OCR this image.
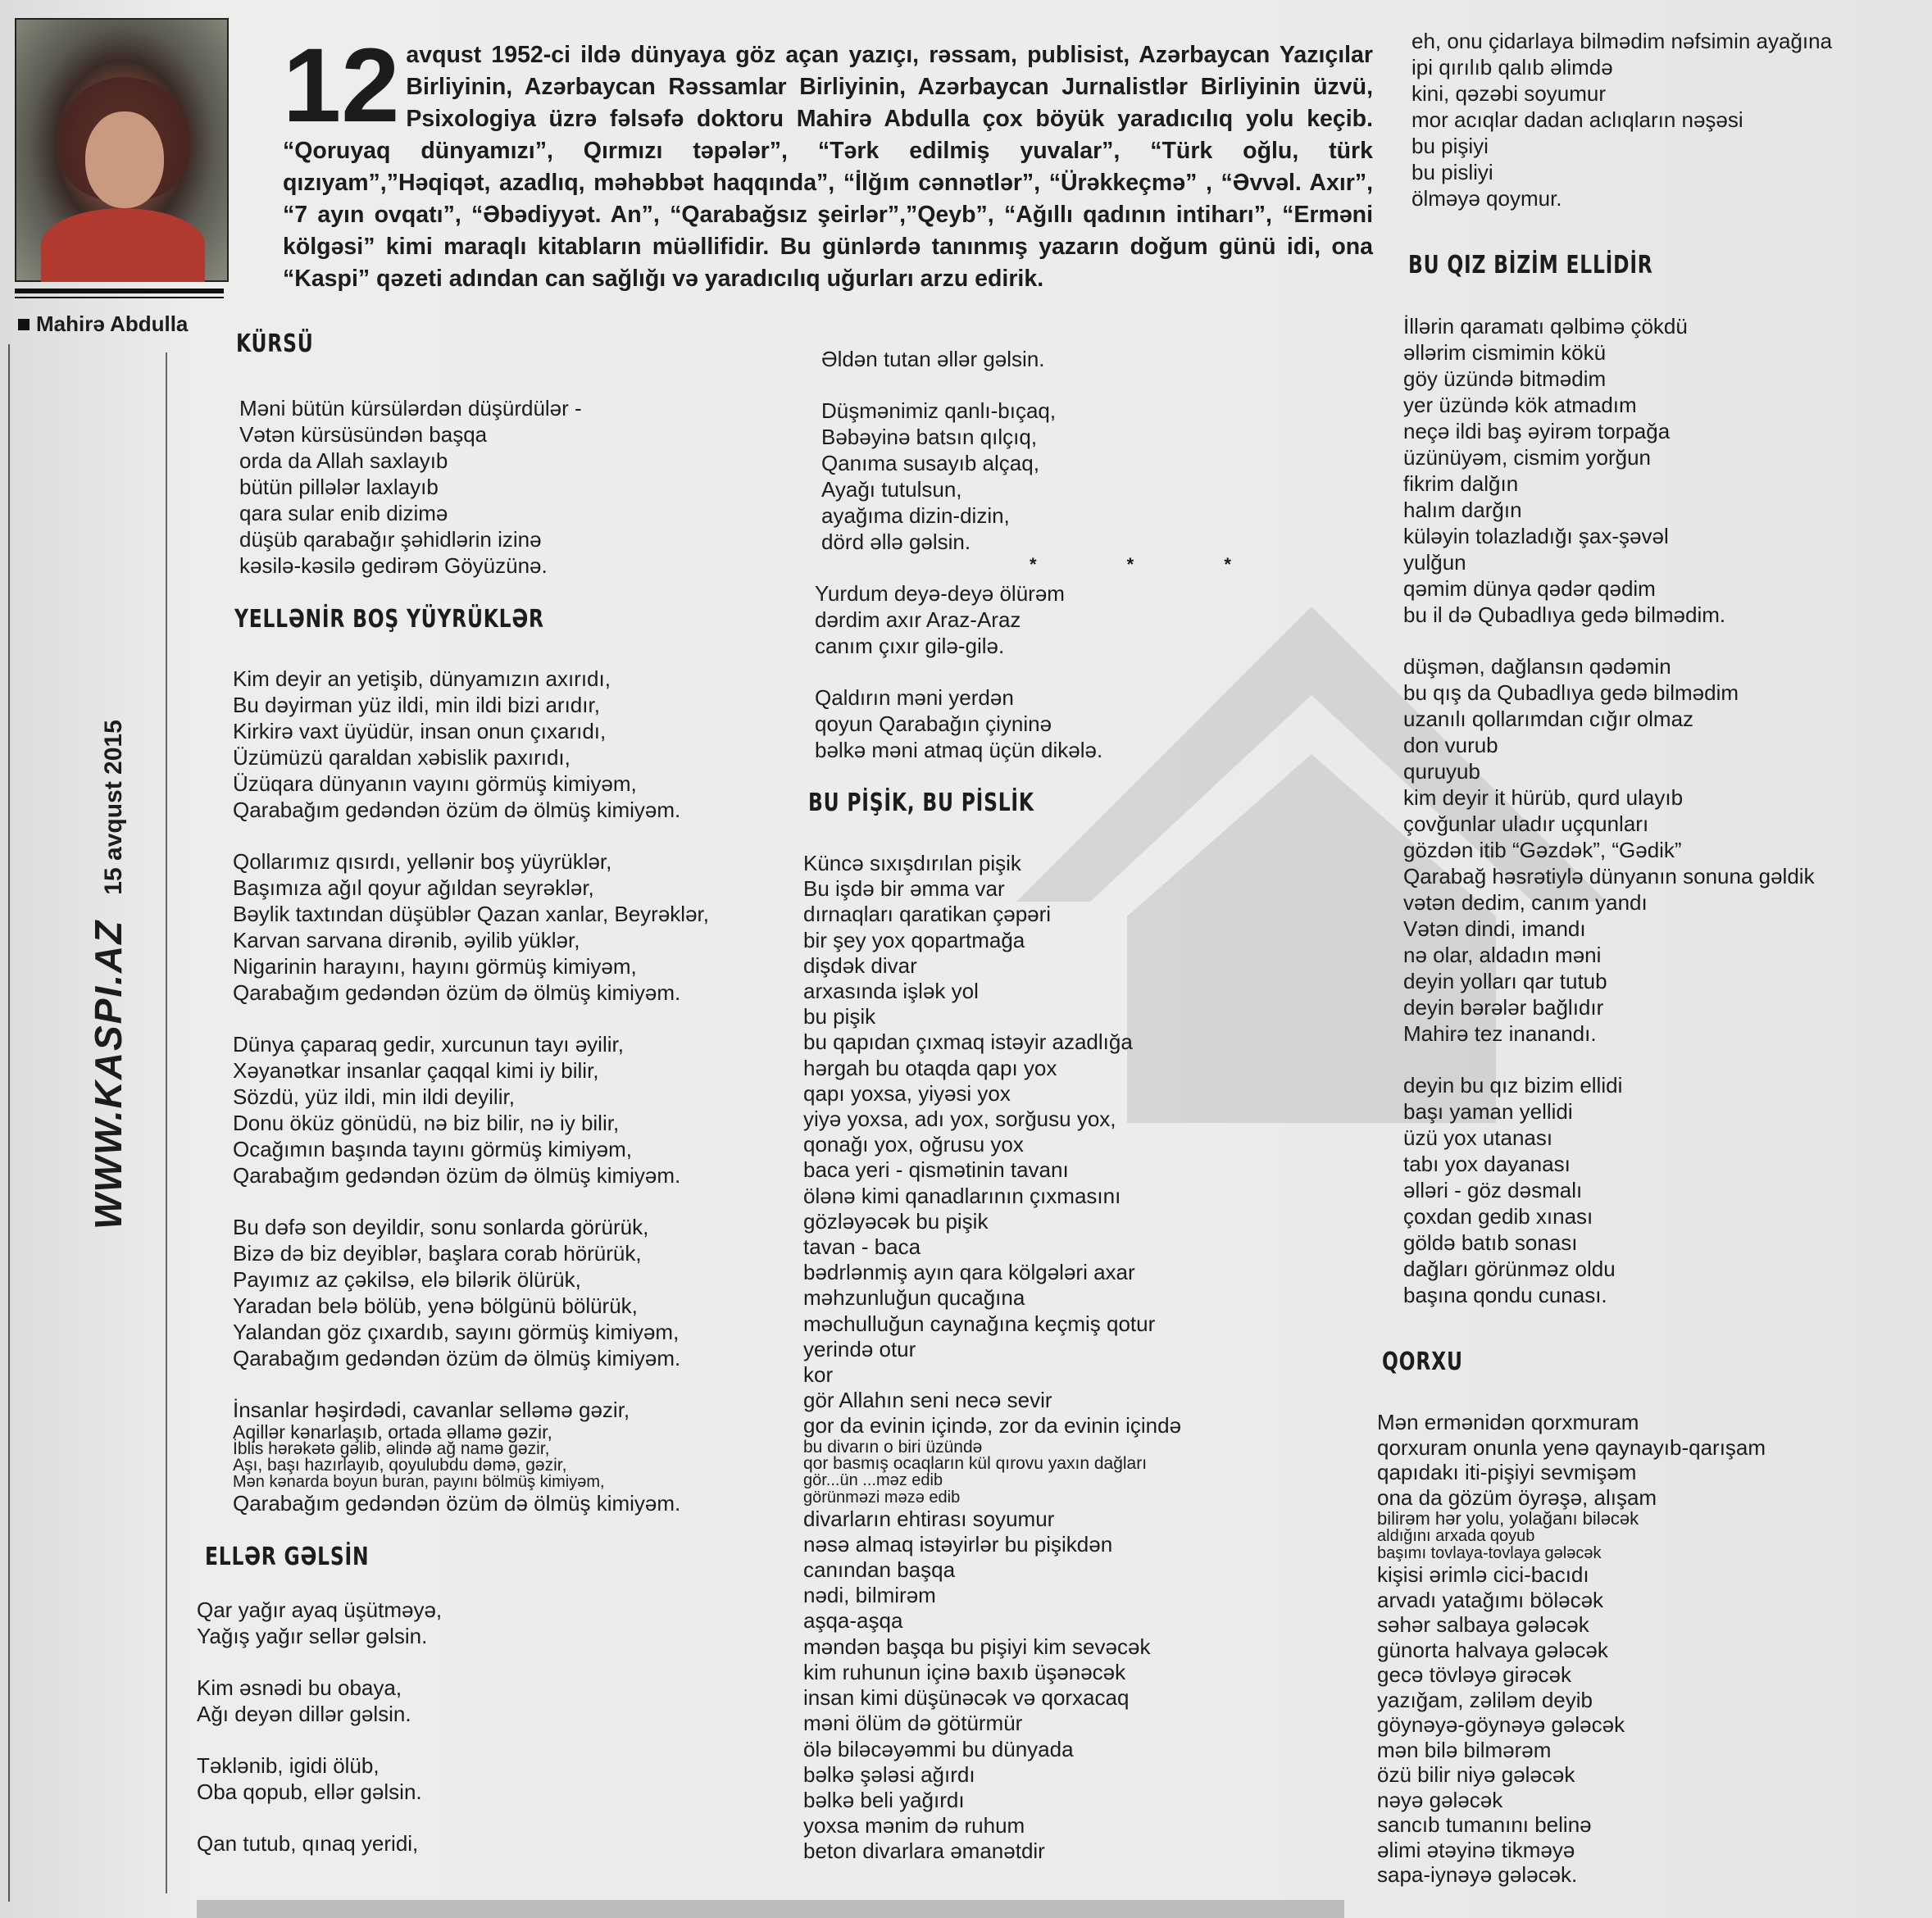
Mahirə Abdulla
WWW.KASPI.AZ
15 avqust 2015
12 avqust 1952-ci ildə dünyaya göz açan yazıçı, rəssam, publisist, Azərbaycan Yazıçılar Birliyinin, Azərbaycan Rəssamlar Birliyinin, Azərbaycan Jurnalistlər Birliyinin üzvü, Psixologiya üzrə fəlsəfə doktoru Mahirə Abdulla çox böyük yaradıcılıq yolu keçib. “Qoruyaq dünyamızı”, Qırmızı təpələr”, “Tərk edilmiş yuvalar”, “Türk oğlu, türk qızıyam”,”Həqiqət, azadlıq, məhəbbət haqqında”, “İlğım cənnətlər”, “Ürəkkeçmə” , “Əvvəl. Axır”, “7 ayın ovqatı”, “Əbədiyyət. An”, “Qarabağsız şeirlər”,”Qeyb”, “Ağıllı qadının intiharı”, “Erməni kölgəsi” kimi maraqlı kitabların müəllifidir. Bu günlərdə tanınmış yazarın doğum günü idi, ona “Kaspi” qəzeti adından can sağlığı və yaradıcılıq uğurları arzu edirik.
KÜRSÜ
Məni bütün kürsülərdən düşürdülər -
Vətən kürsüsündən başqa
orda da Allah saxlayıb
bütün pillələr laxlayıb
qara sular enib dizimə
düşüb qarabağır şəhidlərin izinə
kəsilə-kəsilə gedirəm Göyüzünə.
YELLƏNİR BOŞ YÜYRÜKLƏR
Kim deyir an yetişib, dünyamızın axırıdı,
Bu dəyirman yüz ildi, min ildi bizi arıdır,
Kirkirə vaxt üyüdür, insan onun çıxarıdı,
Üzümüzü qaraldan xəbislik paxırıdı,
Üzüqara dünyanın vayını görmüş kimiyəm,
Qarabağım gedəndən özüm də ölmüş kimiyəm.
Qollarımız qısırdı, yellənir boş yüyrüklər,
Başımıza ağıl qoyur ağıldan seyrəklər,
Bəylik taxtından düşüblər Qazan xanlar, Beyrəklər,
Karvan sarvana dirənib, əyilib yüklər,
Nigarinin harayını, hayını görmüş kimiyəm,
Qarabağım gedəndən özüm də ölmüş kimiyəm.
Dünya çaparaq gedir, xurcunun tayı əyilir,
Xəyanətkar insanlar çaqqal kimi iy bilir,
Sözdü, yüz ildi, min ildi deyilir,
Donu öküz gönüdü, nə biz bilir, nə iy bilir,
Ocağımın başında tayını görmüş kimiyəm,
Qarabağım gedəndən özüm də ölmüş kimiyəm.
Bu dəfə son deyildir, sonu sonlarda görürük,
Bizə də biz deyiblər, başlara corab hörürük,
Payımız az çəkilsə, elə bilərik ölürük,
Yaradan belə bölüb, yenə bölgünü bölürük,
Yalandan göz çıxardıb, sayını görmüş kimiyəm,
Qarabağım gedəndən özüm də ölmüş kimiyəm.
İnsanlar həşirdədi, cavanlar selləmə gəzir,
Aqillər kənarlaşıb, ortada əllamə gəzir,
İblis hərəkətə gəlib, əlində ağ namə gəzir,
Aşı, başı hazırlayıb, qoyulubdu dəmə, gəzir,
Mən kənarda boyun buran, payını bölmüş kimiyəm,
Qarabağım gedəndən özüm də ölmüş kimiyəm.
ELLƏR GƏLSİN
Qar yağır ayaq üşütməyə,
Yağış yağır sellər gəlsin.
Kim əsnədi bu obaya,
Ağı deyən dillər gəlsin.
Təklənib, igidi ölüb,
Oba qopub, ellər gəlsin.
Qan tutub, qınaq yeridi,
Əldən tutan əllər gəlsin.
Düşmənimiz qanlı-bıçaq,
Bəbəyinə batsın qılçıq,
Qanıma susayıb alçaq,
Ayağı tutulsun,
ayağıma dizin-dizin,
dörd əllə gəlsin.
* * *
Yurdum deyə-deyə ölürəm
dərdim axır Araz-Araz
canım çıxır gilə-gilə.
Qaldırın məni yerdən
qoyun Qarabağın çiyninə
bəlkə məni atmaq üçün dikələ.
BU PİŞİK, BU PİSLİK
Küncə sıxışdırılan pişik
Bu işdə bir əmma var
dırnaqları qaratikan çəpəri
bir şey yox qopartmağa
dişdək divar
arxasında işlək yol
bu pişik
bu qapıdan çıxmaq istəyir azadlığa
hərgah bu otaqda qapı yox
qapı yoxsa, yiyəsi yox
yiyə yoxsa, adı yox, sorğusu yox,
qonağı yox, oğrusu yox
baca yeri - qismətinin tavanı
ölənə kimi qanadlarının çıxmasını
gözləyəcək bu pişik
tavan - baca
bədrlənmiş ayın qara kölgələri axar
məhzunluğun qucağına
məchulluğun caynağına keçmiş qotur
yerində otur
kor
gör Allahın seni necə sevir
gor da evinin içində, zor da evinin içində
bu divarın o biri üzündə
qor basmış ocaqların kül qırovu yaxın dağları
gör...ün ...məz edib
görünməzi məzə edib
divarların ehtirası soyumur
nəsə almaq istəyirlər bu pişikdən
canından başqa
nədi, bilmirəm
aşqa-aşqa
məndən başqa bu pişiyi kim sevəcək
kim ruhunun içinə baxıb üşənəcək
insan kimi düşünəcək və qorxacaq
məni ölüm də götürmür
ölə biləcəyəmmi bu dünyada
bəlkə şələsi ağırdı
bəlkə beli yağırdı
yoxsa mənim də ruhum
beton divarlara əmanətdir
eh, onu çidarlaya bilmədim nəfsimin ayağına
ipi qırılıb qalıb əlimdə
kini, qəzəbi soyumur
mor acıqlar dadan aclıqların nəşəsi
bu pişiyi
bu pisliyi
ölməyə qoymur.
BU QIZ BİZİM ELLİDİR
İllərin qaramatı qəlbimə çökdü
əllərim cismimin kökü
göy üzündə bitmədim
yer üzündə kök atmadım
neçə ildi baş əyirəm torpağa
üzünüyəm, cismim yorğun
fikrim dalğın
halım darğın
küləyin tolazladığı şax-şəvəl
yulğun
qəmim dünya qədər qədim
bu il də Qubadlıya gedə bilmədim.
düşmən, dağlansın qədəmin
bu qış da Qubadlıya gedə bilmədim
uzanılı qollarımdan cığır olmaz
don vurub
quruyub
kim deyir it hürüb, qurd ulayıb
çovğunlar uladır uçqunları
gözdən itib “Gəzdək”, “Gədik”
Qarabağ həsrətiylə dünyanın sonuna gəldik
vətən dedim, canım yandı
Vətən dindi, imandı
nə olar, aldadın məni
deyin yolları qar tutub
deyin bərələr bağlıdır
Mahirə tez inanandı.
deyin bu qız bizim ellidi
başı yaman yellidi
üzü yox utanası
tabı yox dayanası
əlləri - göz dəsmalı
çoxdan gedib xınası
göldə batıb sonası
dağları görünməz oldu
başına qondu cunası.
QORXU
Mən ermənidən qorxmuram
qorxuram onunla yenə qaynayıb-qarışam
qapıdakı iti-pişiyi sevmişəm
ona da gözüm öyrəşə, alışam
bilirəm hər yolu, yolağanı biləcək
aldığını arxada qoyub
başımı tovlaya-tovlaya gələcək
kişisi ərimlə cici-bacıdı
arvadı yatağımı böləcək
səhər salbaya gələcək
günorta halvaya gələcək
gecə tövləyə girəcək
yazığam, zəliləm deyib
göynəyə-göynəyə gələcək
mən bilə bilmərəm
özü bilir niyə gələcək
nəyə gələcək
sancıb tumanını belinə
əlimi ətəyinə tikməyə
sapa-iynəyə gələcək.
